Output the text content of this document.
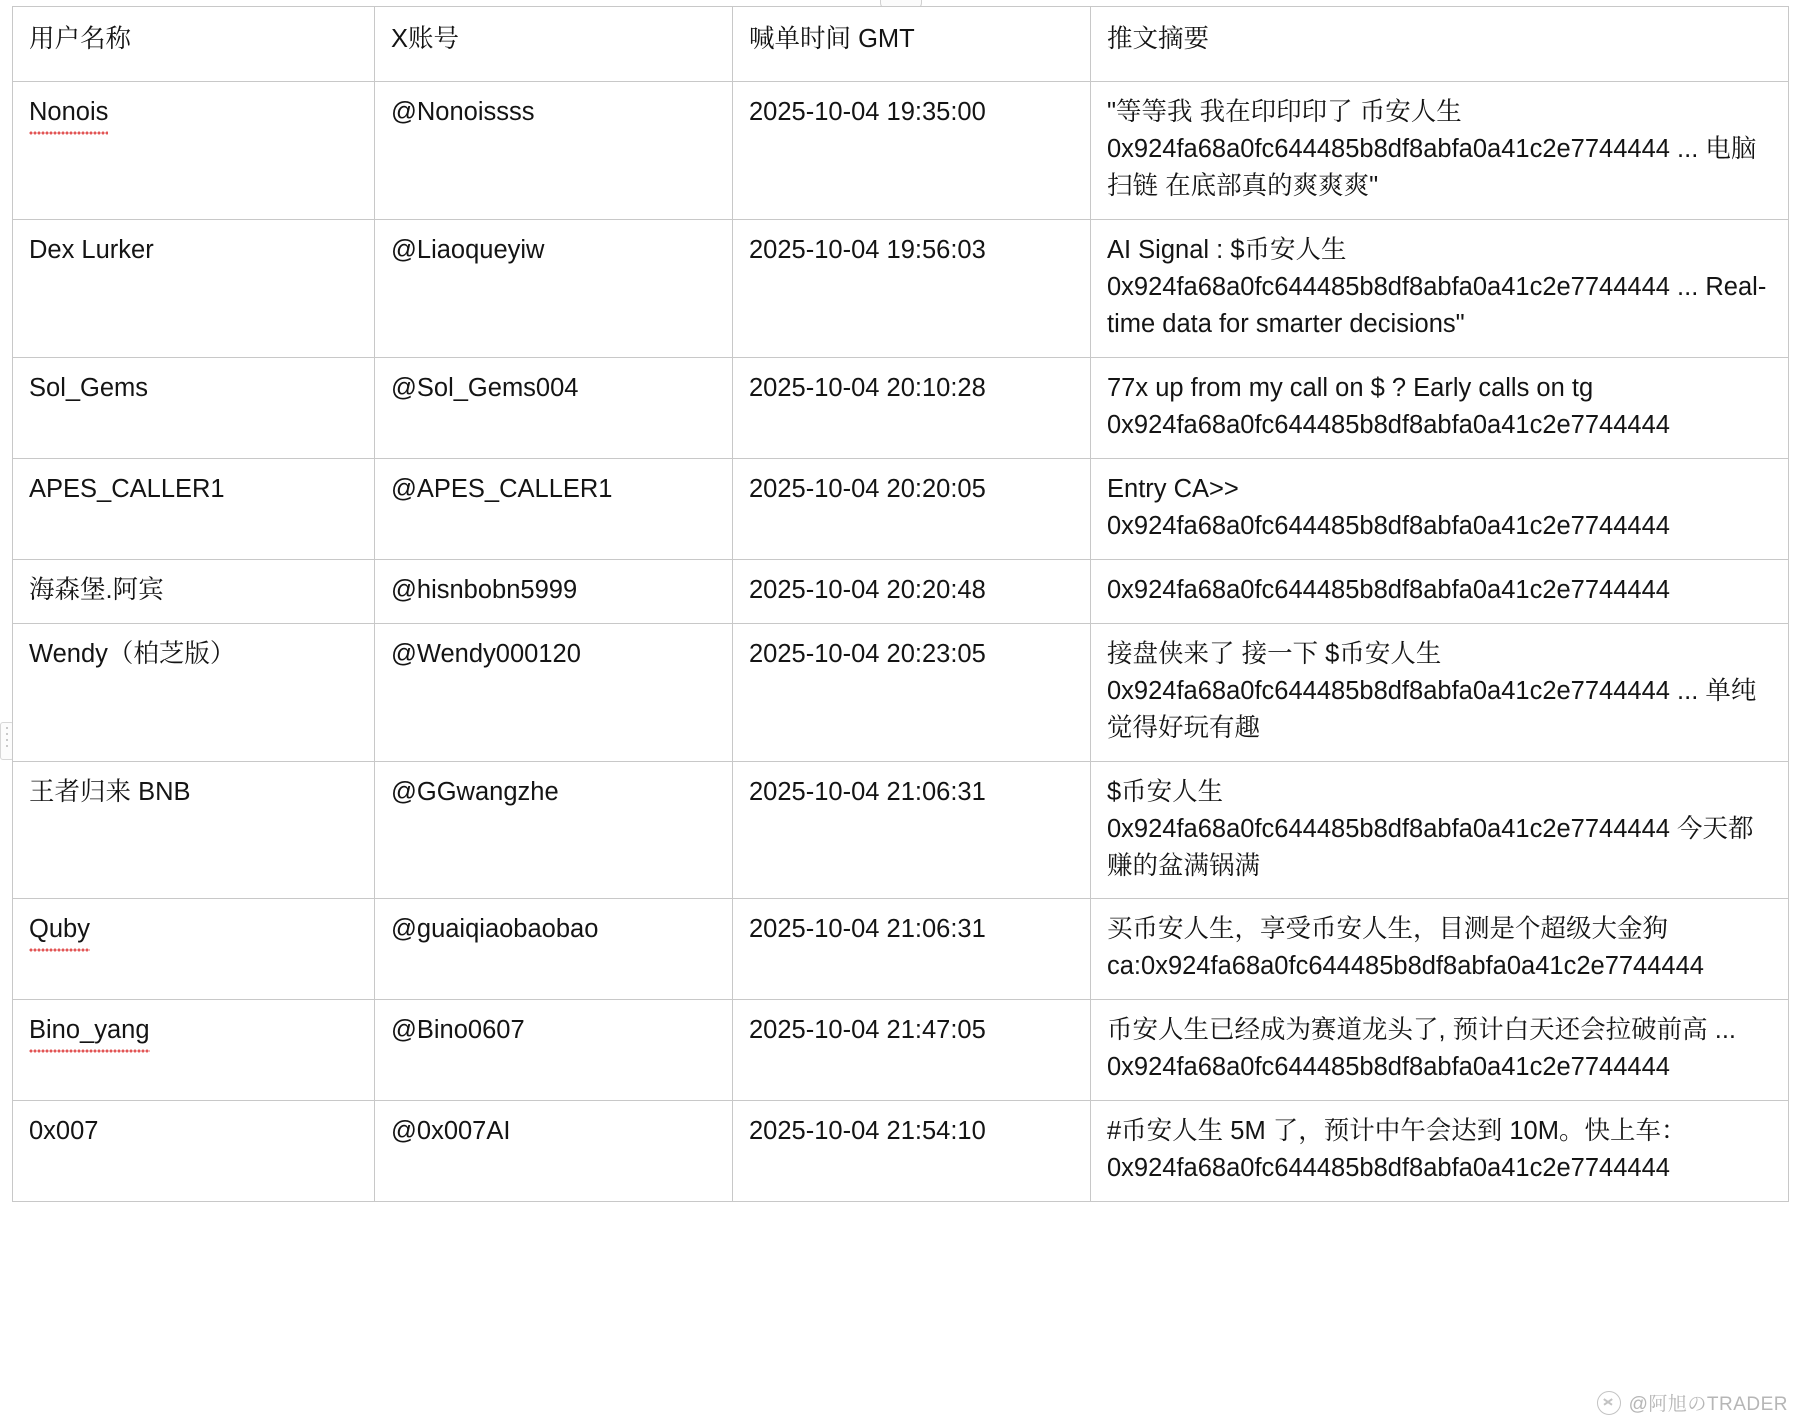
用户名称	X账号	喊单时间 GMT	推文摘要
Nonois	@Nonoissss	2025-10-04 19:35:00	"等等我 我在印印印了 币安人生 0x924fa68a0fc644485b8df8abfa0a41c2e7744444 ... 电脑扫链 在底部真的爽爽爽"
Dex Lurker	@Liaoqueyiw	2025-10-04 19:56:03	AI Signal : $币安人生 0x924fa68a0fc644485b8df8abfa0a41c2e7744444 ... Real-time data for smarter decisions"
Sol_Gems	@Sol_Gems004	2025-10-04 20:10:28	77x up from my call on $ ? Early calls on tg 0x924fa68a0fc644485b8df8abfa0a41c2e7744444
APES_CALLER1	@APES_CALLER1	2025-10-04 20:20:05	Entry CA>> 0x924fa68a0fc644485b8df8abfa0a41c2e7744444
海森堡.阿宾	@hisnbobn5999	2025-10-04 20:20:48	0x924fa68a0fc644485b8df8abfa0a41c2e7744444
Wendy（柏芝版）	@Wendy000120	2025-10-04 20:23:05	接盘侠来了 接一下 $币安人生 0x924fa68a0fc644485b8df8abfa0a41c2e7744444 ... 单纯觉得好玩有趣
王者归来 BNB	@GGwangzhe	2025-10-04 21:06:31	$币安人生 0x924fa68a0fc644485b8df8abfa0a41c2e7744444 今天都赚的盆满锅满
Quby	@guaiqiaobaobao	2025-10-04 21:06:31	买币安人生，享受币安人生，目测是个超级大金狗 ca:0x924fa68a0fc644485b8df8abfa0a41c2e7744444
Bino_yang	@Bino0607	2025-10-04 21:47:05	币安人生已经成为赛道龙头了, 预计白天还会拉破前高 ... 0x924fa68a0fc644485b8df8abfa0a41c2e7744444
0x007	@0x007AI	2025-10-04 21:54:10	#币安人生 5M 了，预计中午会达到 10M。快上车：0x924fa68a0fc644485b8df8abfa0a41c2e7744444
@阿旭のTRADER
